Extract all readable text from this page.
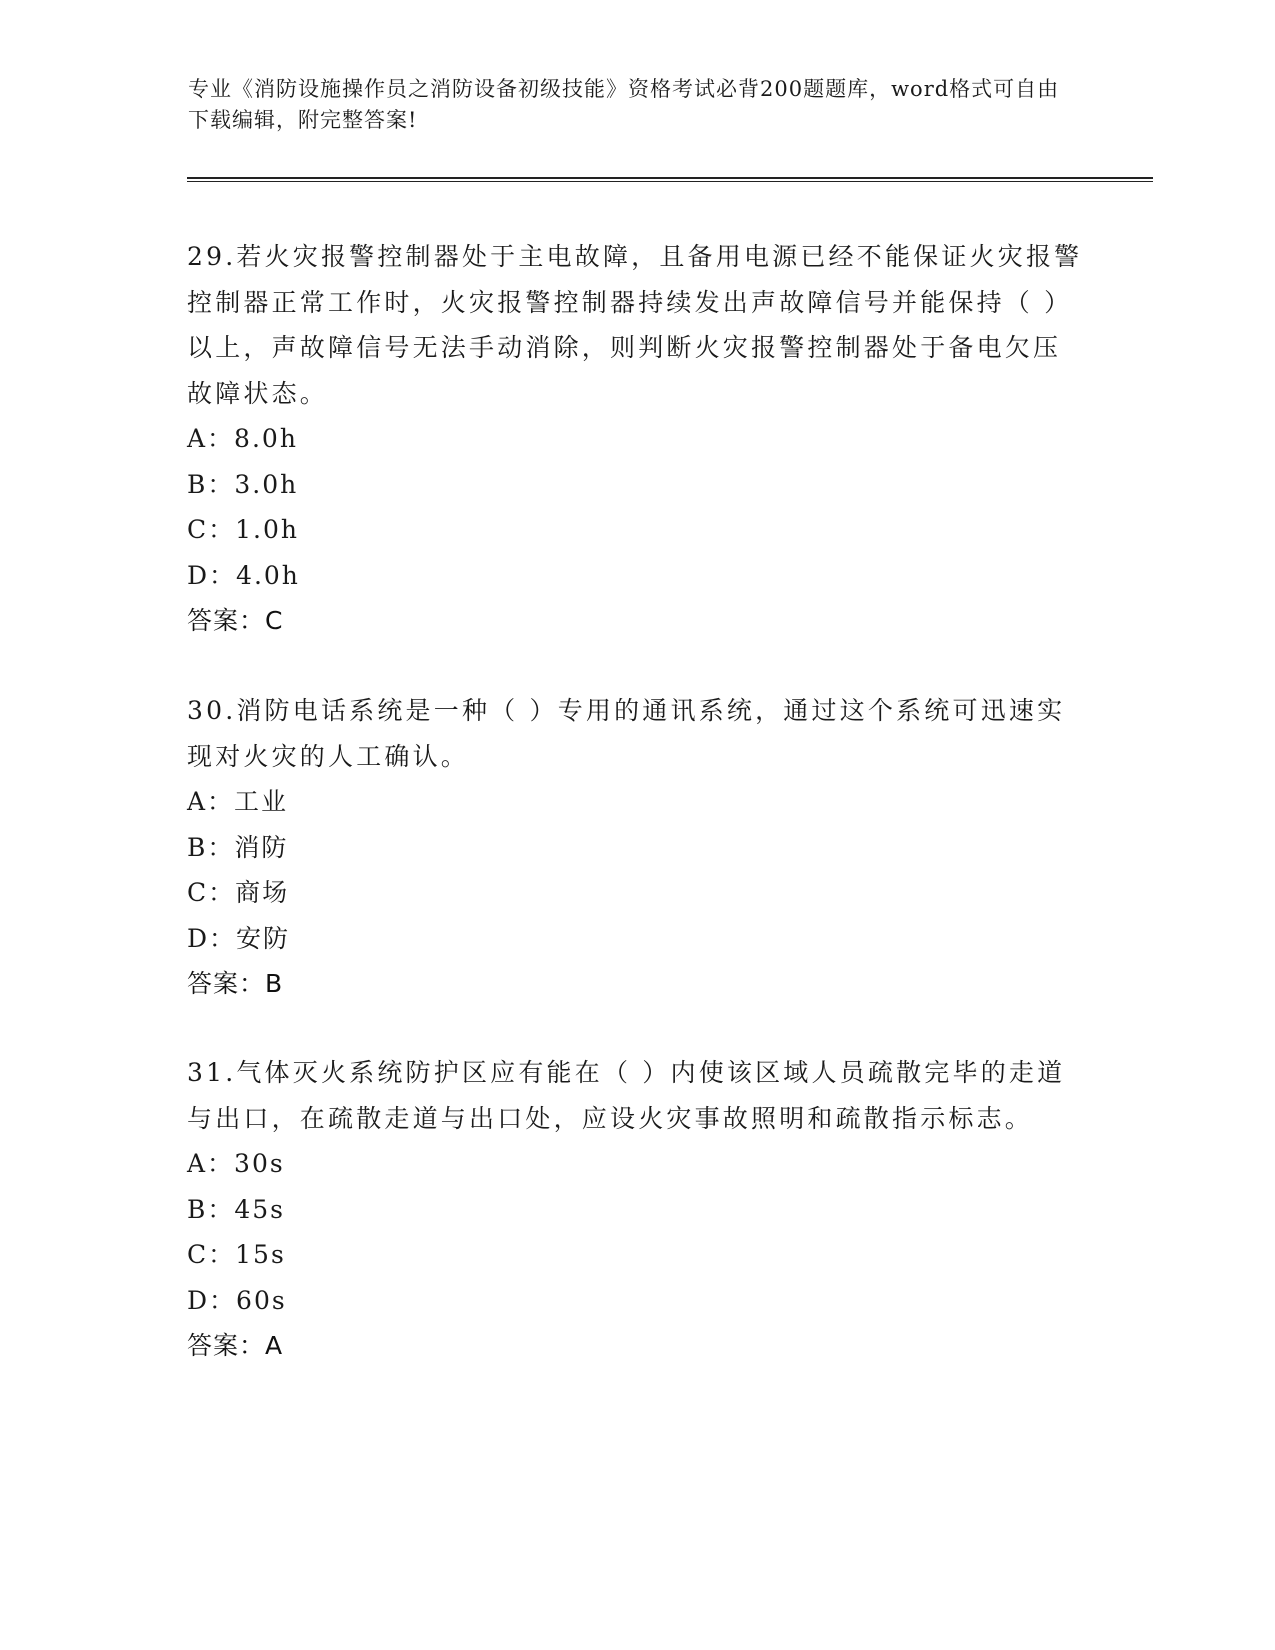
专业《消防设施操作员之消防设备初级技能》资格考试必背200题题库，word格式可自由下载编辑，附完整答案!

29.若火灾报警控制器处于主电故障，且备用电源已经不能保证火灾报警控制器正常工作时，火灾报警控制器持续发出声故障信号并能保持（ ）以上，声故障信号无法手动消除，则判断火灾报警控制器处于备电欠压故障状态。

A：8.0h

B：3.0h

C：1.0h

D：4.0h

答案：C

30.消防电话系统是一种（ ）专用的通讯系统，通过这个系统可迅速实现对火灾的人工确认。

A：工业

B：消防

C：商场

D：安防

答案：B

31.气体灭火系统防护区应有能在（ ）内使该区域人员疏散完毕的走道与出口，在疏散走道与出口处，应设火灾事故照明和疏散指示标志。

A：30s

B：45s

C：15s

D：60s

答案：A
